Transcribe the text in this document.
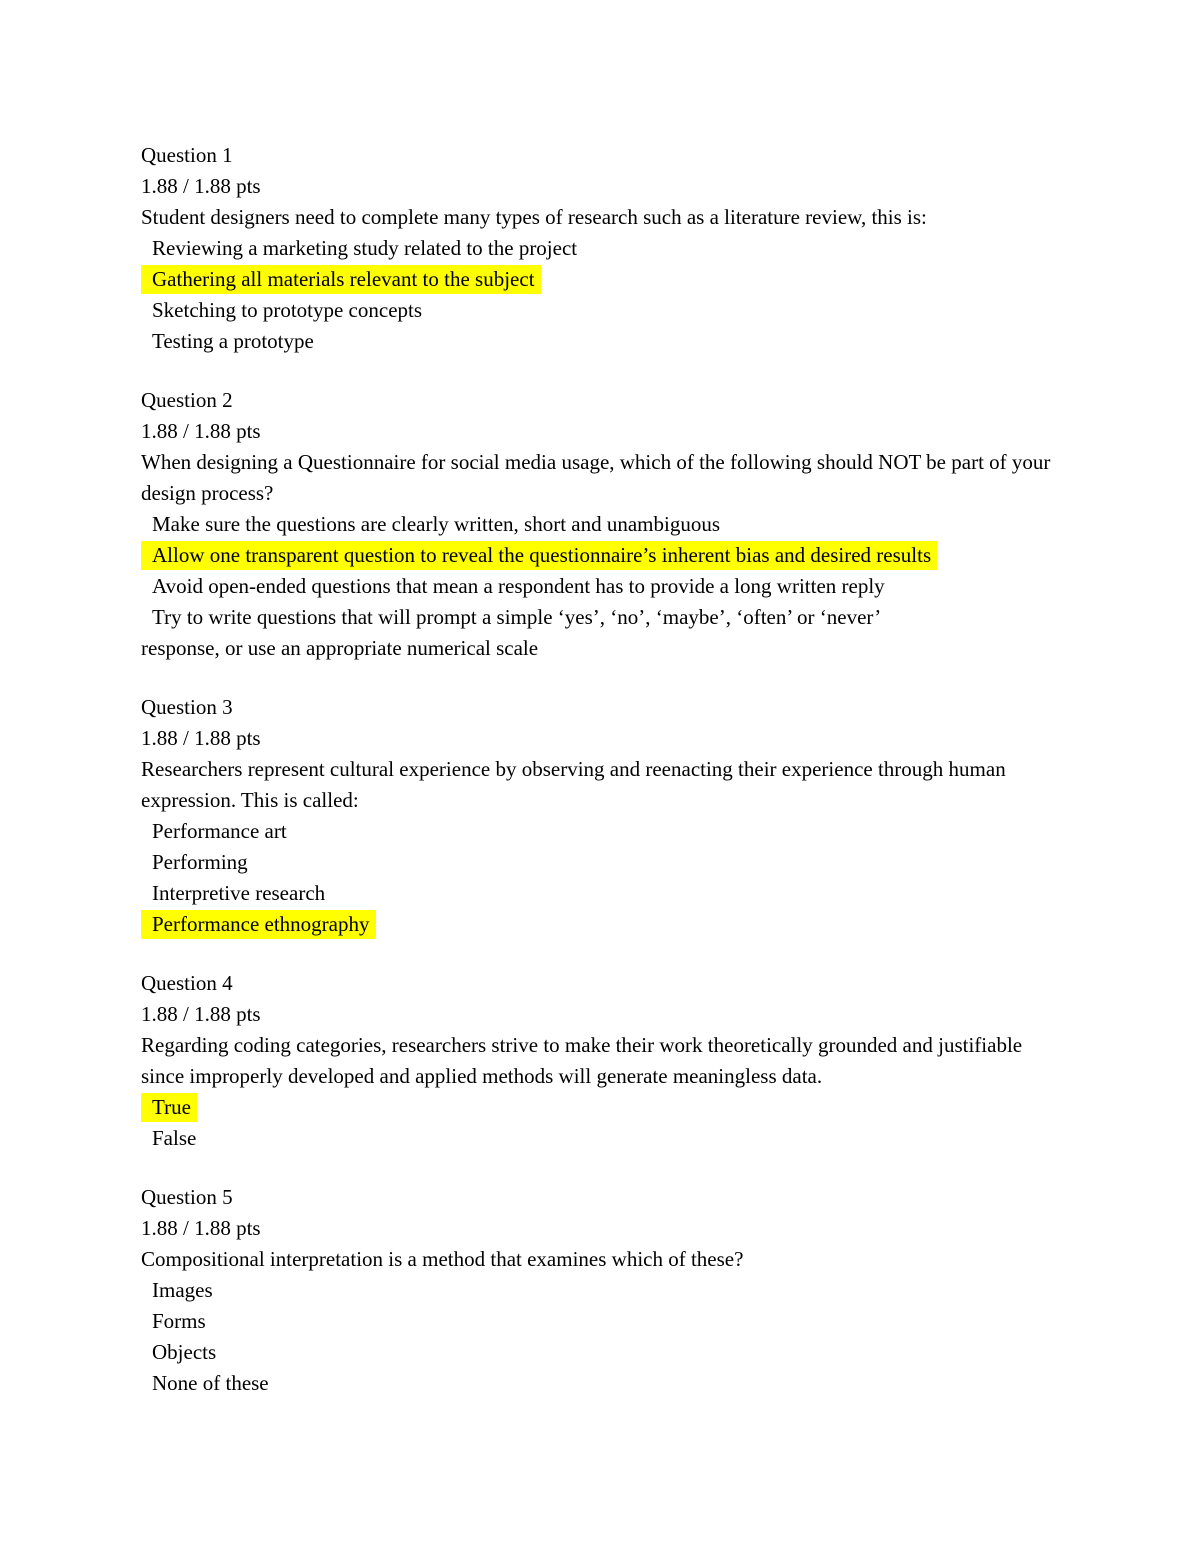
Question 1
1.88 / 1.88 pts
Student designers need to complete many types of research such as a literature review, this is:
Reviewing a marketing study related to the project
Gathering all materials relevant to the subject
Sketching to prototype concepts
Testing a prototype
Question 2
1.88 / 1.88 pts
When designing a Questionnaire for social media usage, which of the following should NOT be part of your design process?
Make sure the questions are clearly written, short and unambiguous
Allow one transparent question to reveal the questionnaire’s inherent bias and desired results
Avoid open-ended questions that mean a respondent has to provide a long written reply
Try to write questions that will prompt a simple ‘yes’, ‘no’, ‘maybe’, ‘often’ or ‘never’
response, or use an appropriate numerical scale
Question 3
1.88 / 1.88 pts
Researchers represent cultural experience by observing and reenacting their experience through human expression. This is called:
Performance art
Performing
Interpretive research
Performance ethnography
Question 4
1.88 / 1.88 pts
Regarding coding categories, researchers strive to make their work theoretically grounded and justifiable since improperly developed and applied methods will generate meaningless data.
True
False
Question 5
1.88 / 1.88 pts
Compositional interpretation is a method that examines which of these?
Images
Forms
Objects
None of these
